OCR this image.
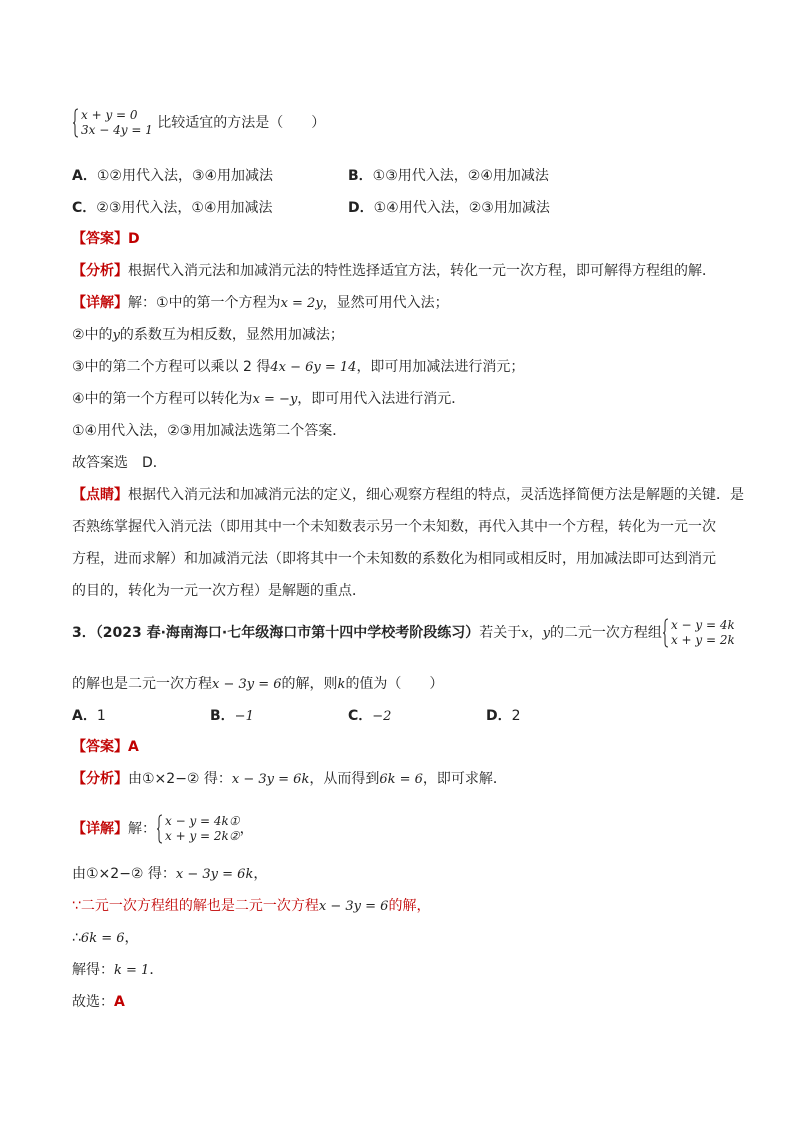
x + y = 0
3x − 4y = 1 比较适宜的方法是（　　）
A．①②用代入法，③④用加减法	B．①③用代入法，②④用加减法
C．②③用代入法，①④用加减法	D．①④用代入法，②③用加减法
【答案】D
【分析】根据代入消元法和加减消元法的特性选择适宜方法，转化一元一次方程，即可解得方程组的解．
【详解】解：①中的第一个方程为x = 2y，显然可用代入法；
②中的y的系数互为相反数，显然用加减法；
③中的第二个方程可以乘以 2 得4x − 6y = 14，即可用加减法进行消元；
④中的第一个方程可以转化为x = −y，即可用代入法进行消元．
①④用代入法，②③用加减法选第二个答案．
故答案选　D．
【点睛】根据代入消元法和加减消元法的定义，细心观察方程组的特点，灵活选择简便方法是解题的关键．是
否熟练掌握代入消元法（即用其中一个未知数表示另一个未知数，再代入其中一个方程，转化为一元一次
方程，进而求解）和加减消元法（即将其中一个未知数的系数化为相同或相反时，用加减法即可达到消元
的目的，转化为一元一次方程）是解题的重点．
3．（2023 春·海南海口·七年级海口市第十四中学校考阶段练习）若关于x，y的二元一次方程组 x − y = 4k
x + y = 2k
的解也是二元一次方程x − 3y = 6的解，则k的值为（　　）
A．1	B．−1	C．−2	D．2
【答案】A
【分析】由①×2−② 得：x − 3y = 6k，从而得到6k = 6，即可求解．
【详解】解： x − y = 4k①
x + y = 2k② ，
由①×2−② 得：x − 3y = 6k，
∵二元一次方程组的解也是二元一次方程x − 3y = 6的解，
∴6k = 6，
解得：k = 1．
故选：A
